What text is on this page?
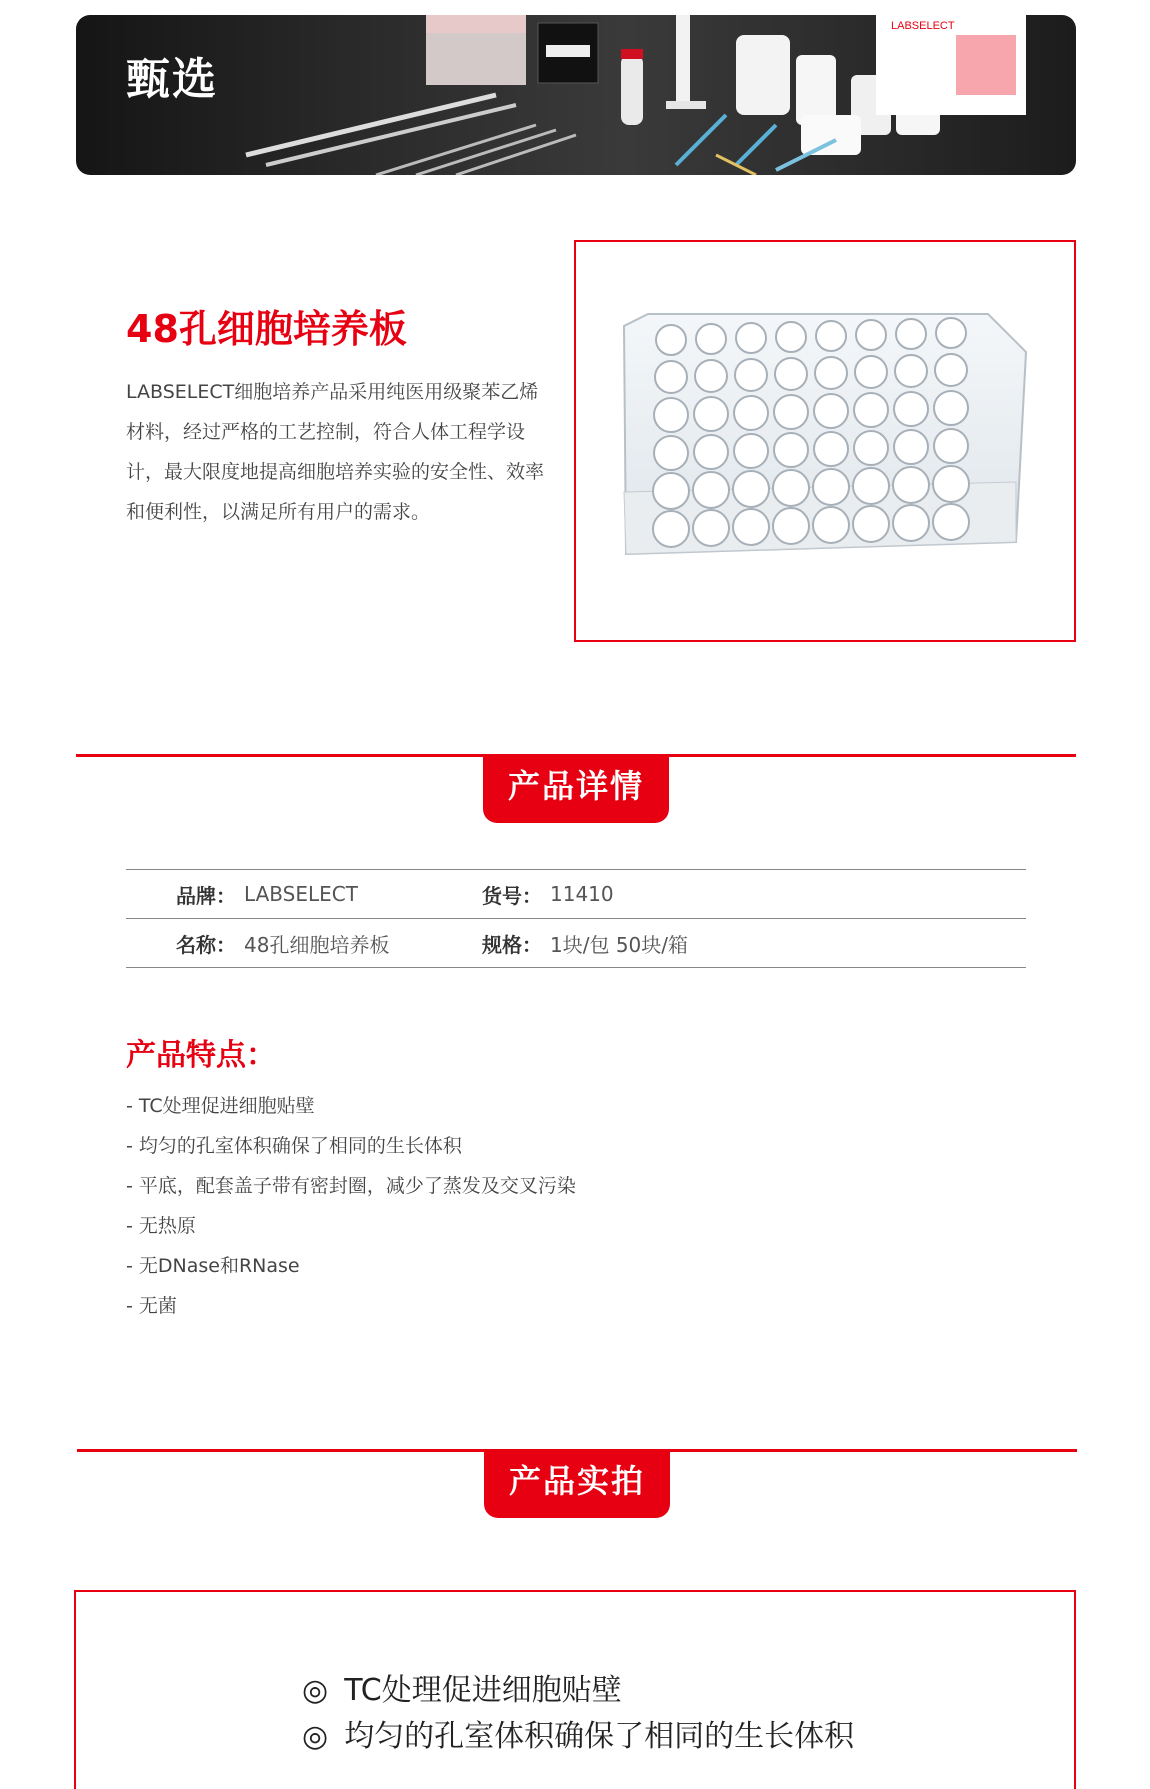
LABSELECT
甄选
48孔细胞培养板

LABSELECT细胞培养产品采用纯医用级聚苯乙烯材料，经过严格的工艺控制，符合人体工程学设计，最大限度地提高细胞培养实验的安全性、效率和便利性，以满足所有用户的需求。

产品详情
品牌： LABSELECT	货号： 11410
名称： 48孔细胞培养板	规格： 1块/包 50块/箱
产品特点：
- TC处理促进细胞贴壁
- 均匀的孔室体积确保了相同的生长体积
- 平底，配套盖子带有密封圈，减少了蒸发及交叉污染
- 无热原
- 无DNase和RNase
- 无菌
产品实拍
◎ TC处理促进细胞贴壁
◎ 均匀的孔室体积确保了相同的生长体积
